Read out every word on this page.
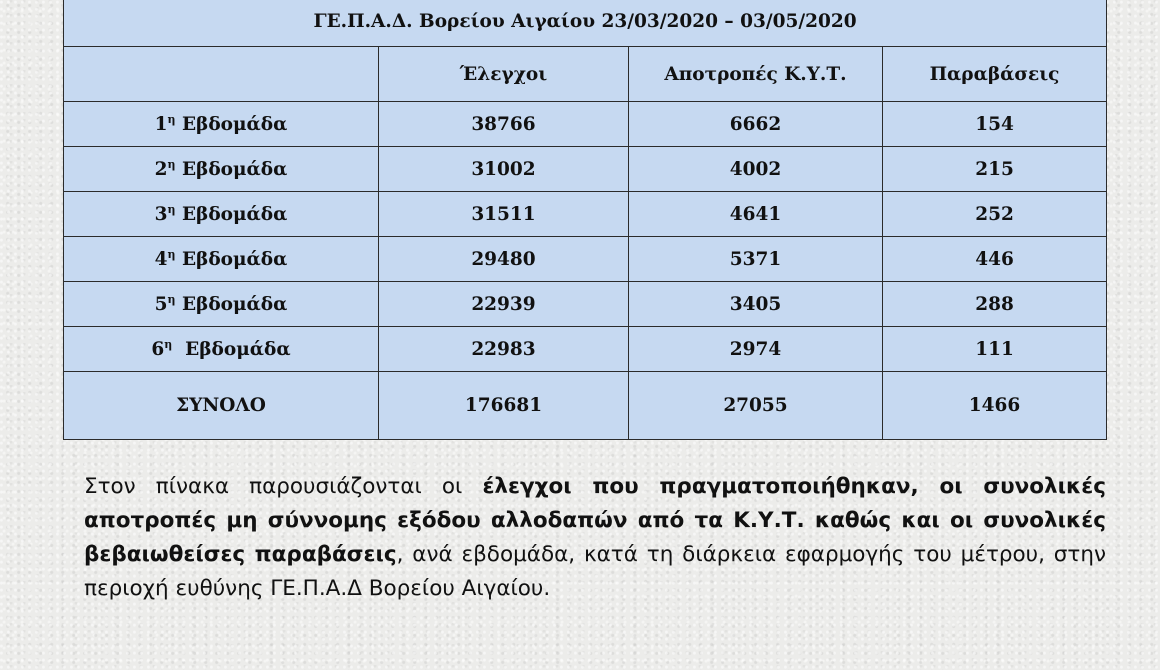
ΓΕ.Π.Α.Δ. Βορείου Αιγαίου 23/03/2020 – 03/05/2020			
	Έλεγχοι	Αποτροπές Κ.Υ.Τ.	Παραβάσεις
$1^\eta$ Εβδομάδα	38766	6662	154
$2^\eta$ Εβδομάδα	31002	4002	215
$3^\eta$ Εβδομάδα	31511	4641	252
$4^\eta$ Εβδομάδα	29480	5371	446
$5^\eta$ Εβδομάδα	22939	3405	288
$6^\eta$ Εβδομάδα	22983	2974	111
ΣΥΝΟΛΟ	176681	27055	1466
Στον πίνακα παρουσιάζονται οι έλεγχοι που πραγματοποιήθηκαν, οι συνολικές αποτροπές μη σύννομης εξόδου αλλοδαπών από τα Κ.Υ.Τ. καθώς και οι συνολικές βεβαιωθείσες παραβάσεις, ανά εβδομάδα, κατά τη διάρκεια εφαρμογής του μέτρου, στην περιοχή ευθύνης ΓΕ.Π.Α.Δ Βορείου Αιγαίου.
